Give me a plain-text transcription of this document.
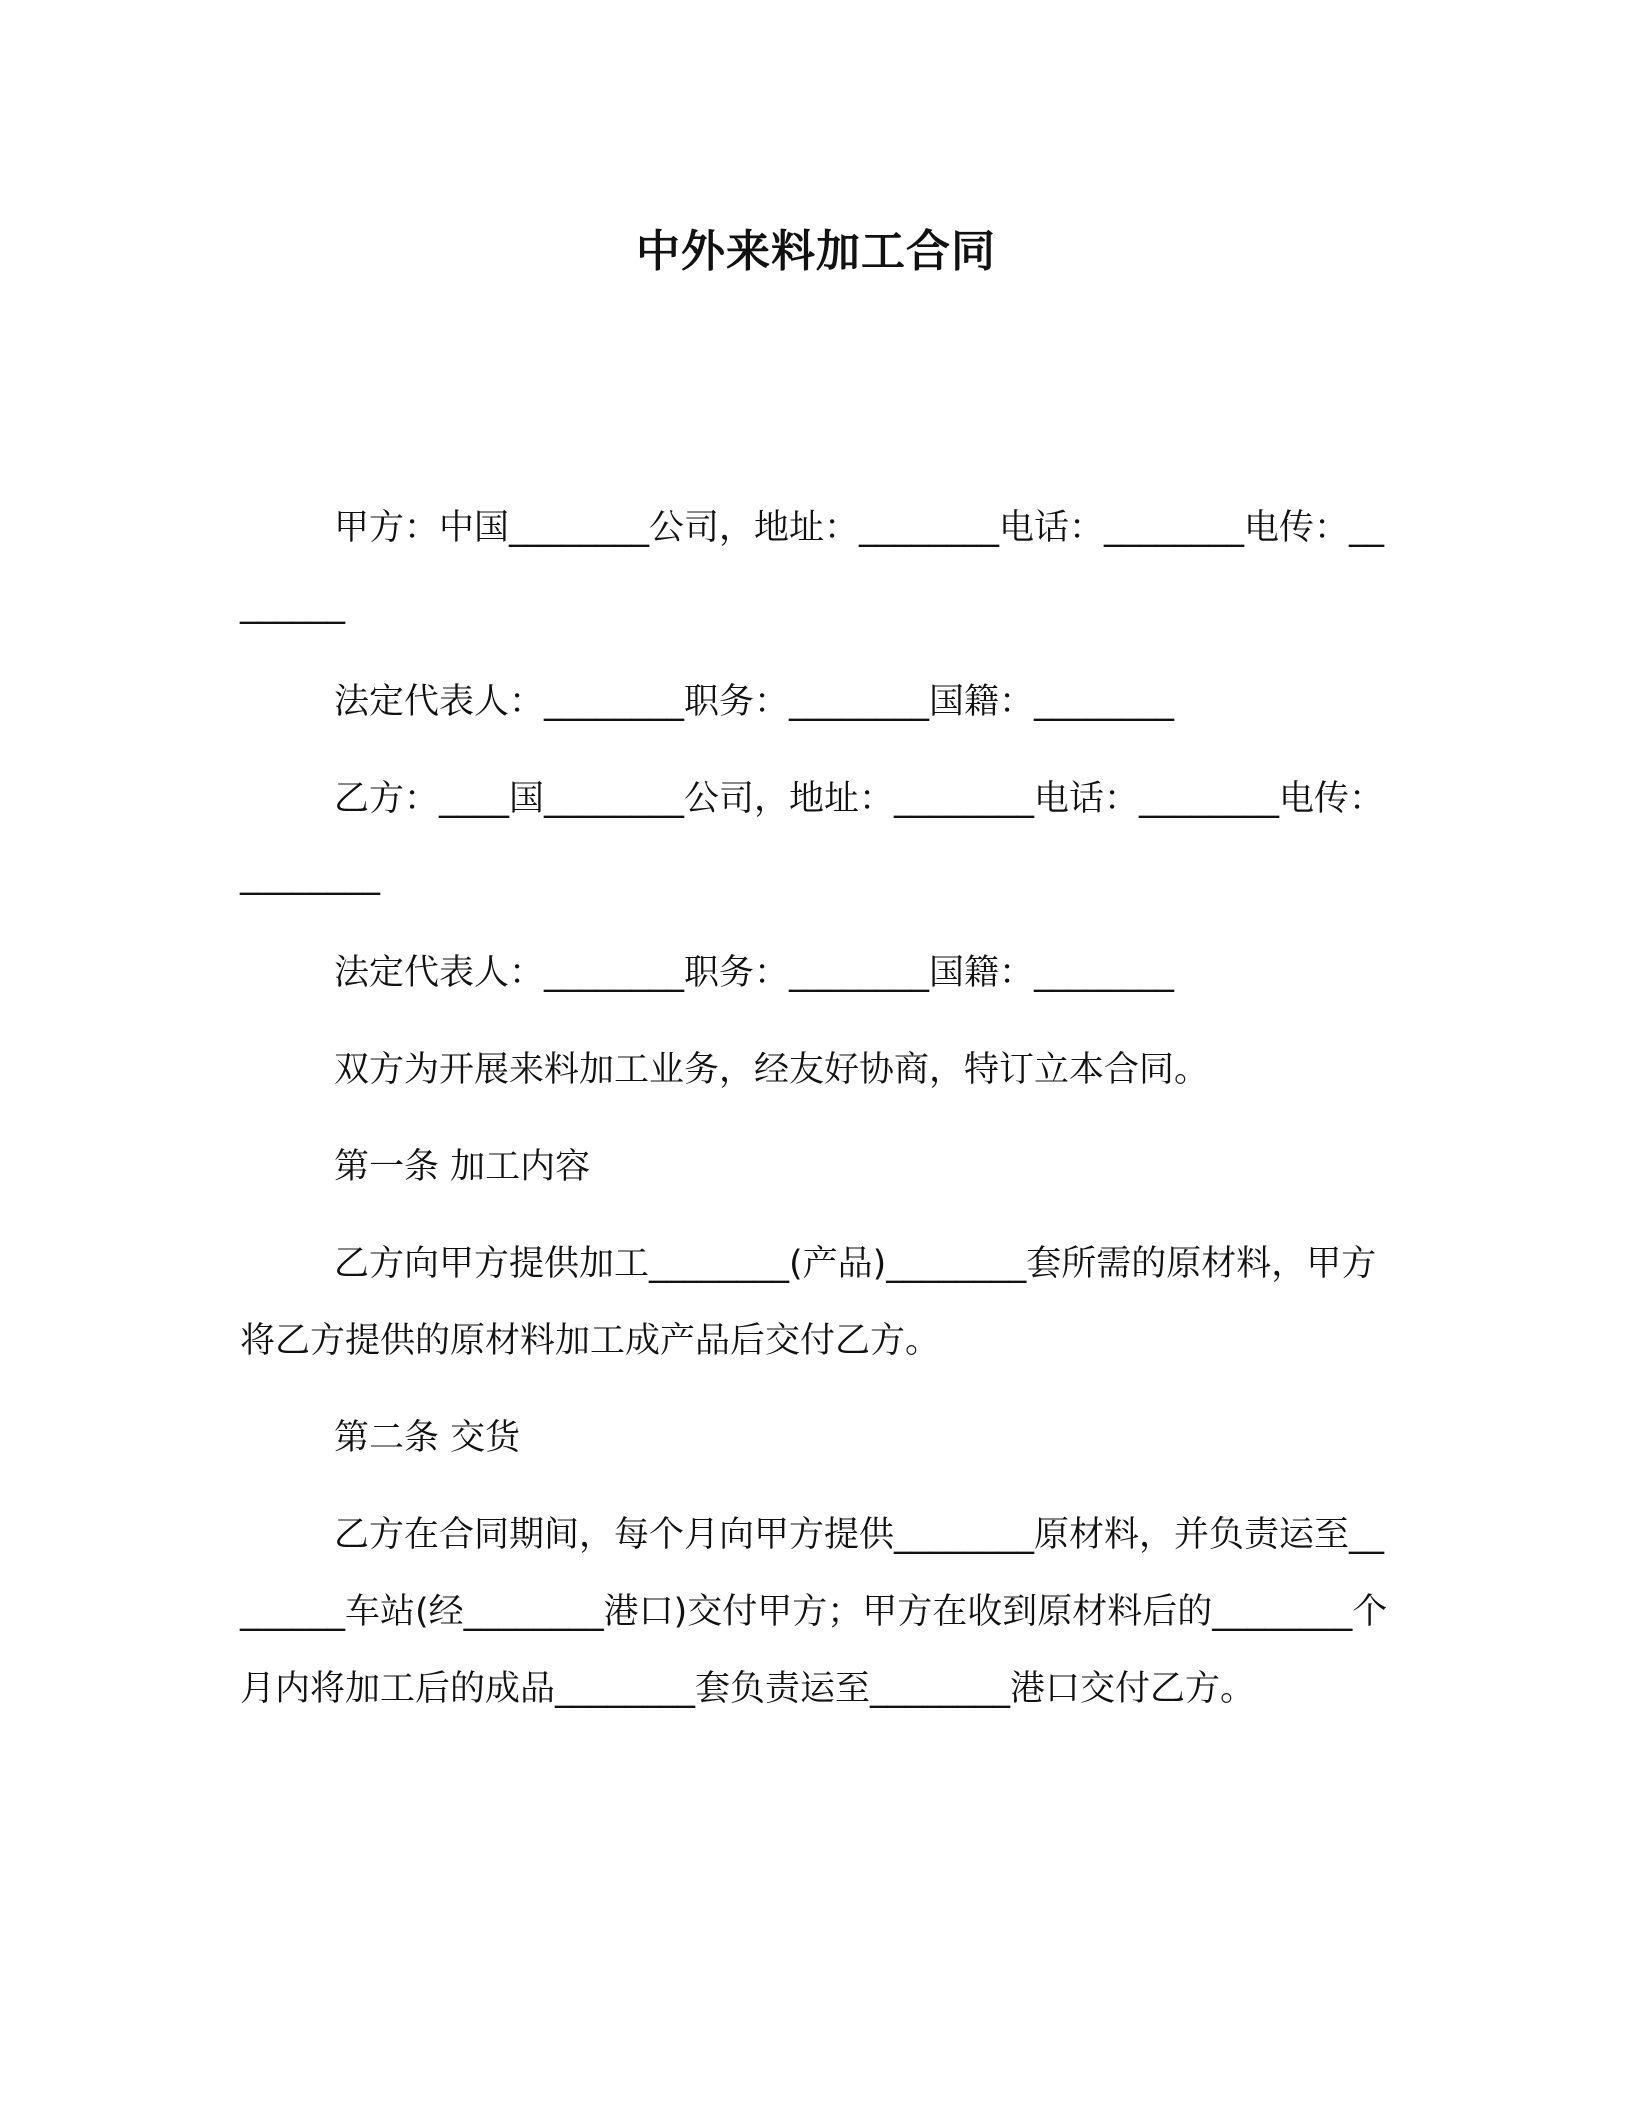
中外来料加工合同

甲方：中国________公司，地址：________电话：________电传：________

法定代表人：________职务：________国籍：________

乙方：____国________公司，地址：________电话：________电传：________

法定代表人：________职务：________国籍：________

双方为开展来料加工业务，经友好协商，特订立本合同。

第一条 加工内容

乙方向甲方提供加工________(产品)________套所需的原材料，甲方将乙方提供的原材料加工成产品后交付乙方。

第二条 交货

乙方在合同期间，每个月向甲方提供________原材料，并负责运至________车站(经________港口)交付甲方；甲方在收到原材料后的________个月内将加工后的成品________套负责运至________港口交付乙方。
